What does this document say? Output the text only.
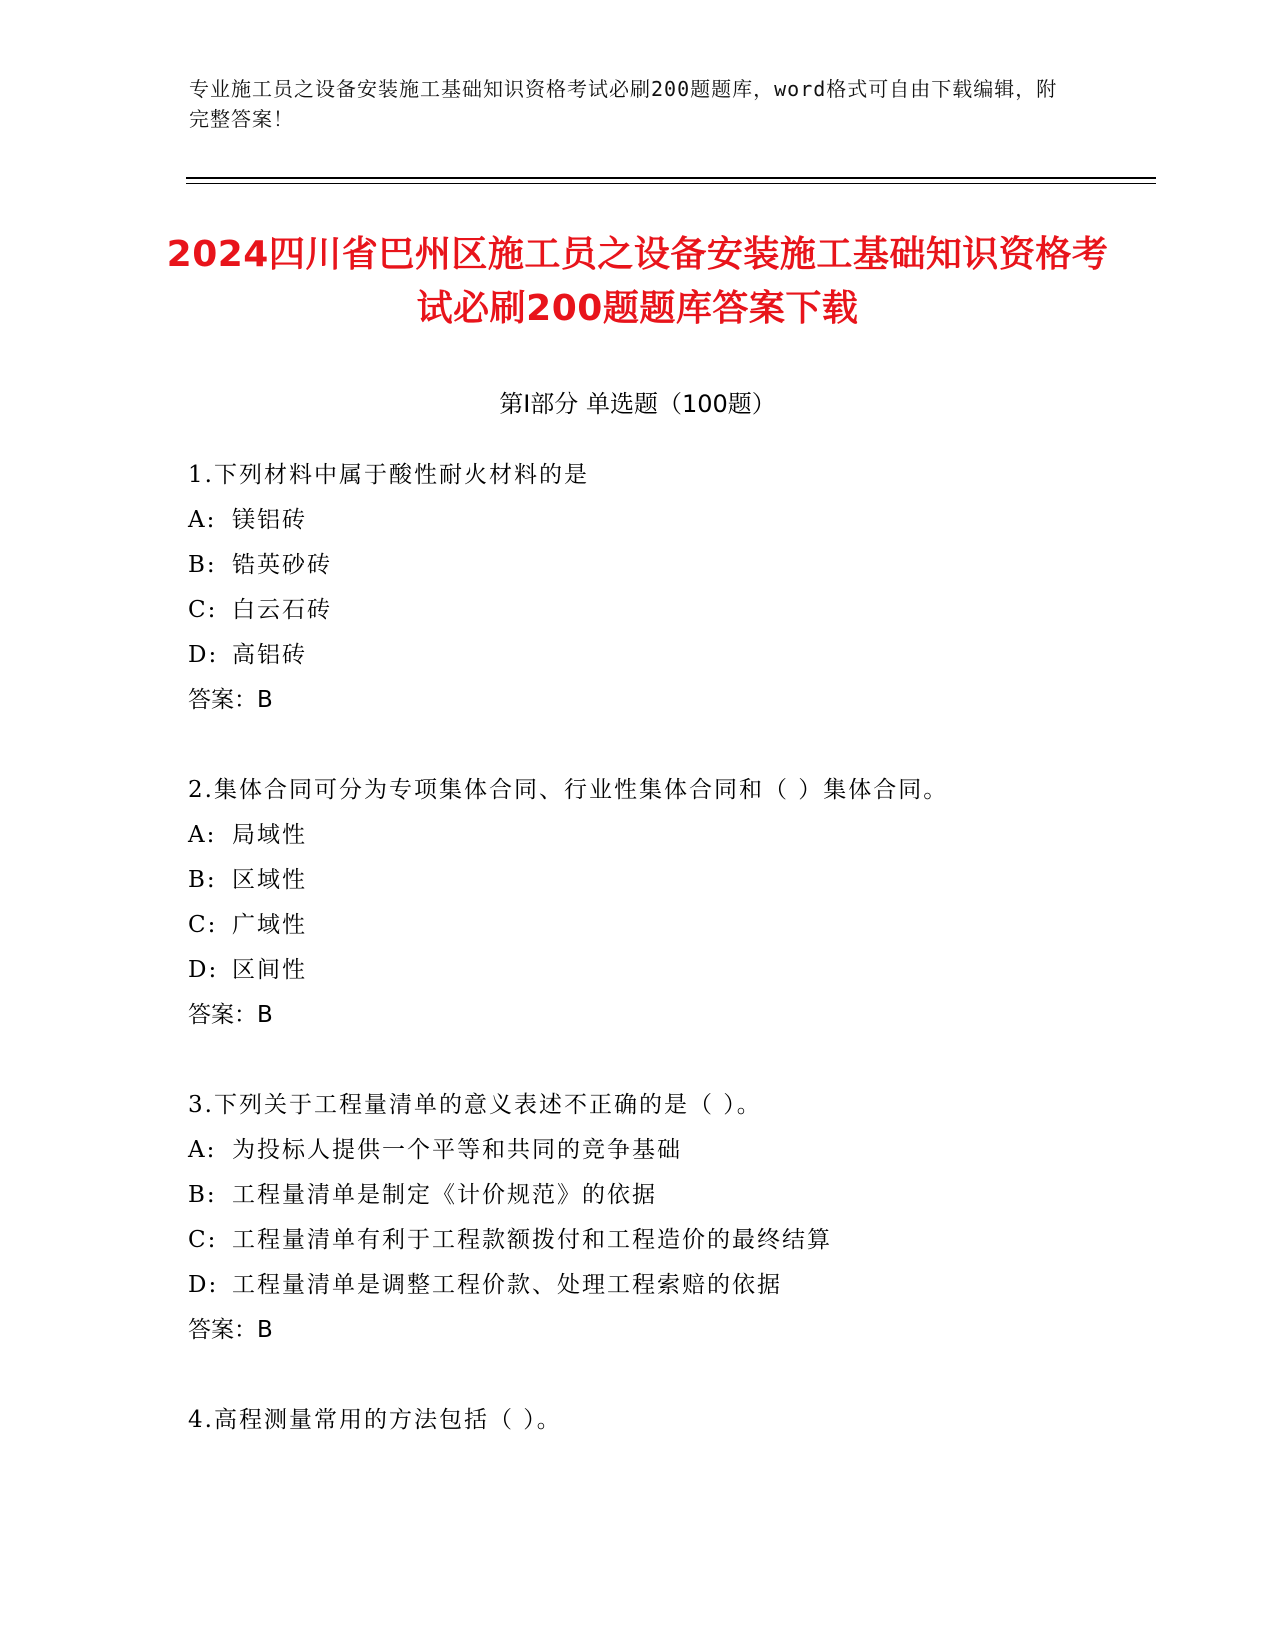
专业施工员之设备安装施工基础知识资格考试必刷200题题库，word格式可自由下载编辑，附完整答案！
2024四川省巴州区施工员之设备安装施工基础知识资格考试必刷200题题库答案下载
第Ⅰ部分 单选题（100题）
1.下列材料中属于酸性耐火材料的是
A: 镁铝砖
B: 锆英砂砖
C: 白云石砖
D: 高铝砖
答案：B
2.集体合同可分为专项集体合同、行业性集体合同和（ ）集体合同。
A: 局域性
B: 区域性
C: 广域性
D: 区间性
答案：B
3.下列关于工程量清单的意义表述不正确的是（ ）。
A: 为投标人提供一个平等和共同的竞争基础
B: 工程量清单是制定《计价规范》的依据
C: 工程量清单有利于工程款额拨付和工程造价的最终结算
D: 工程量清单是调整工程价款、处理工程索赔的依据
答案：B
4.高程测量常用的方法包括（ ）。
